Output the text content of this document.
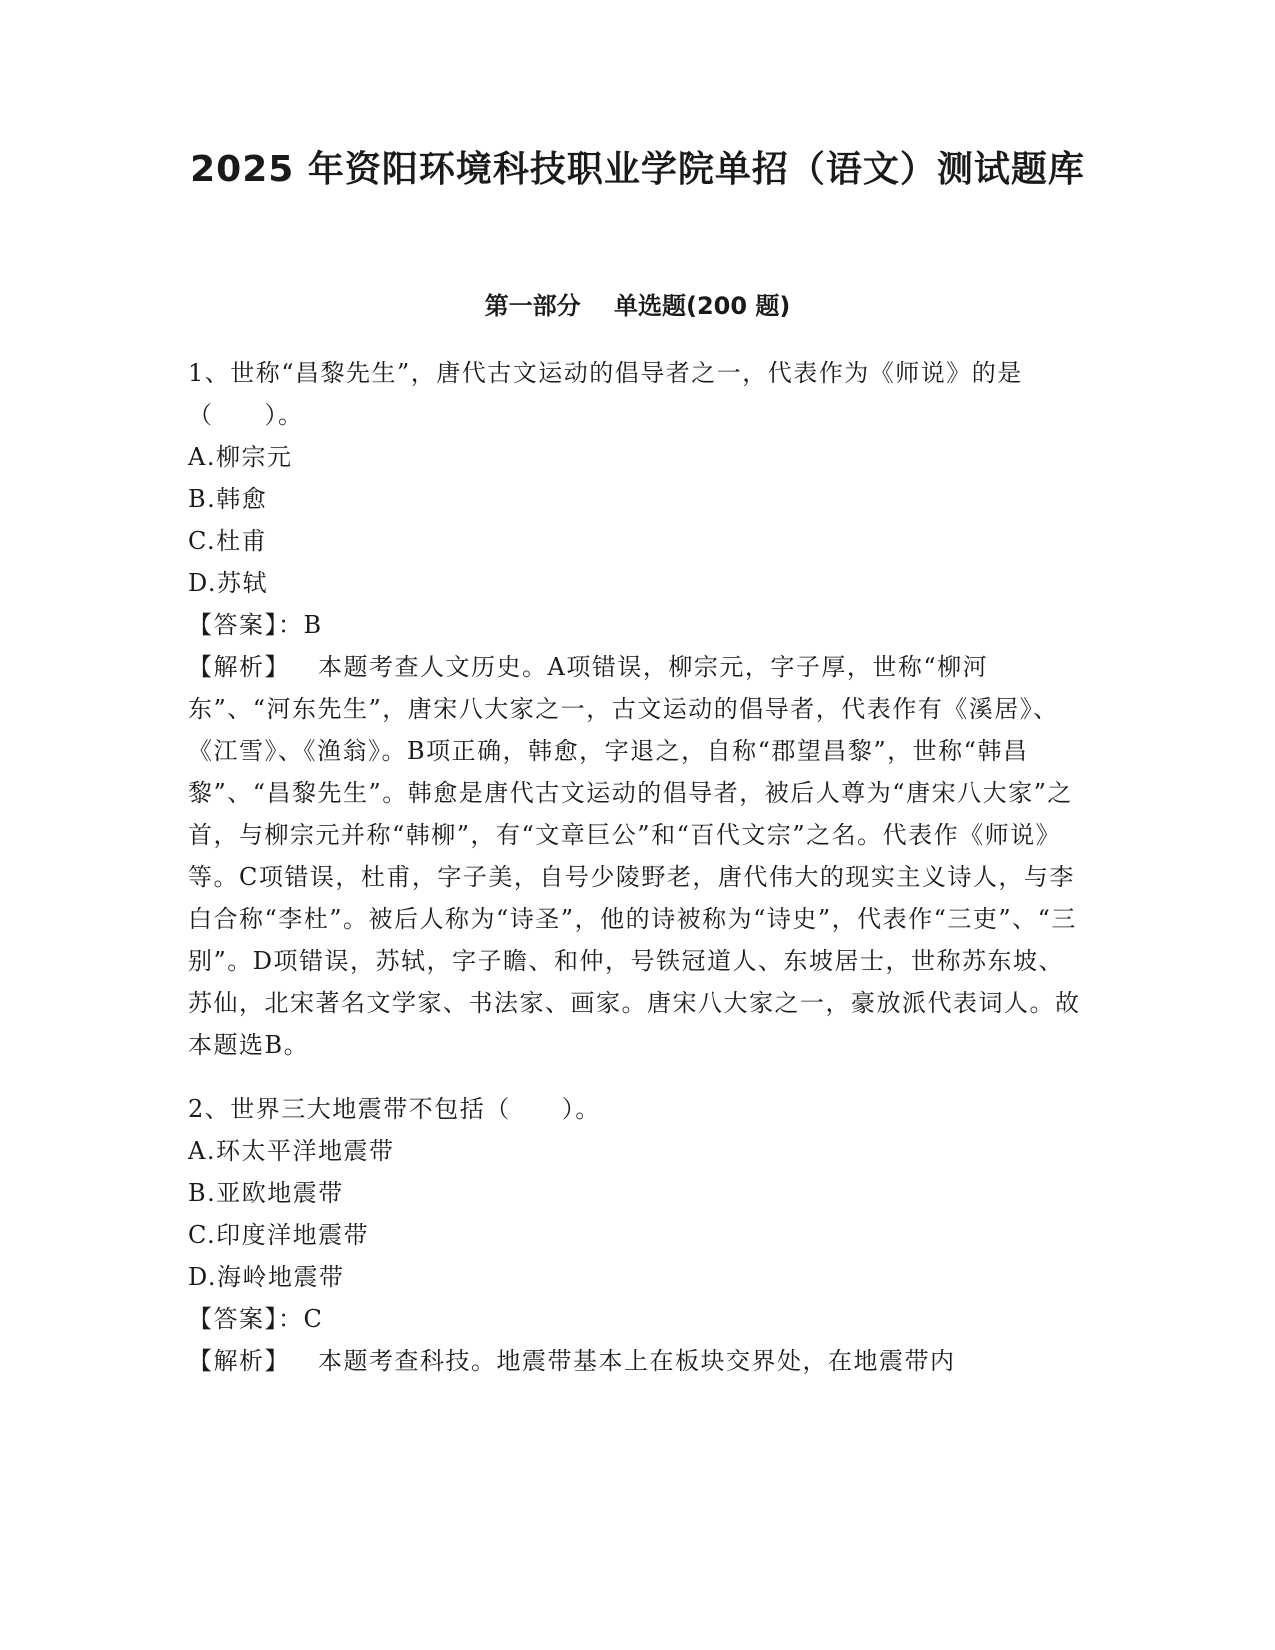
2025 年资阳环境科技职业学院单招（语文）测试题库
第一部分    单选题(200 题)

1、世称“昌黎先生”，唐代古文运动的倡导者之一，代表作为《师说》的是（　　）。

A.柳宗元

B.韩愈

C.杜甫

D.苏轼

【答案】：B

【解析】 本题考查人文历史。A项错误，柳宗元，字子厚，世称“柳河东”、“河东先生”，唐宋八大家之一，古文运动的倡导者，代表作有《溪居》、《江雪》、《渔翁》。B项正确，韩愈，字退之，自称“郡望昌黎”，世称“韩昌黎”、“昌黎先生”。韩愈是唐代古文运动的倡导者，被后人尊为“唐宋八大家”之首，与柳宗元并称“韩柳”，有“文章巨公”和“百代文宗”之名。代表作《师说》等。C项错误，杜甫，字子美，自号少陵野老，唐代伟大的现实主义诗人，与李白合称“李杜”。被后人称为“诗圣”，他的诗被称为“诗史”，代表作“三吏”、“三别”。D项错误，苏轼，字子瞻、和仲，号铁冠道人、东坡居士，世称苏东坡、苏仙，北宋著名文学家、书法家、画家。唐宋八大家之一，豪放派代表词人。故本题选B。

2、世界三大地震带不包括（　　）。

A.环太平洋地震带

B.亚欧地震带

C.印度洋地震带

D.海岭地震带

【答案】：C

【解析】 本题考查科技。地震带基本上在板块交界处，在地震带内
